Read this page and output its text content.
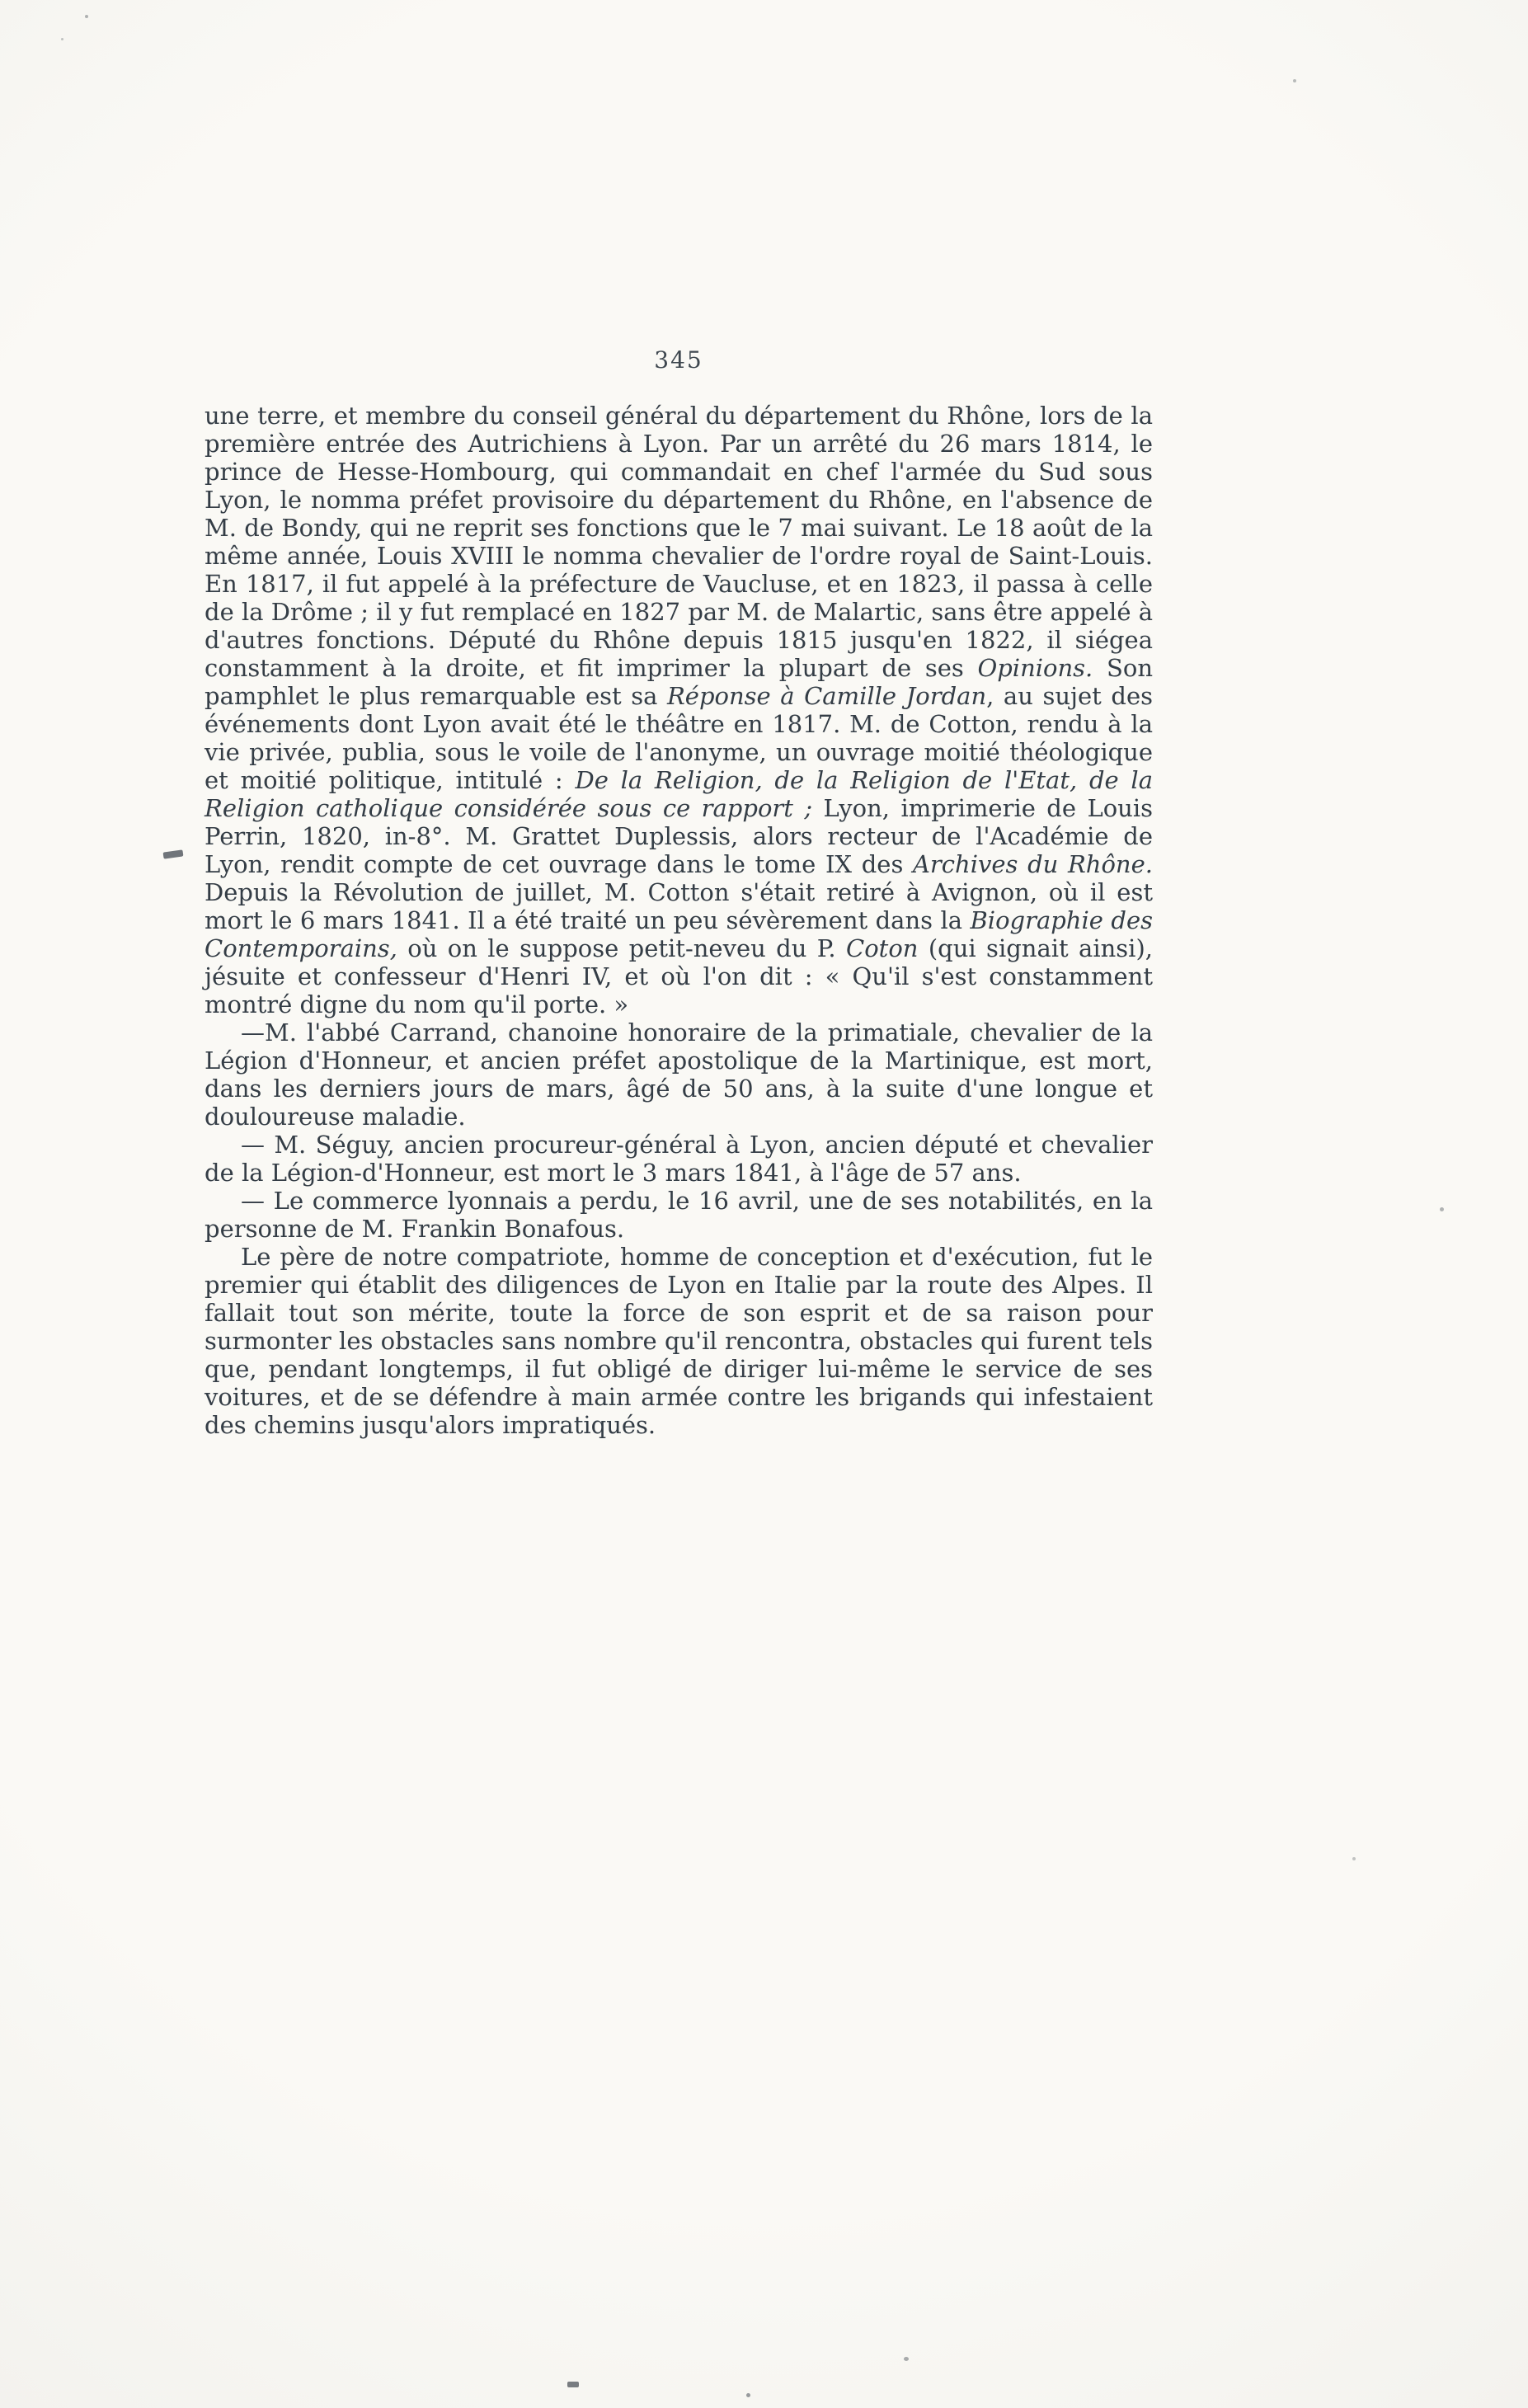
345

une terre, et membre du conseil général du département du Rhône, lors de la première entrée des Autrichiens à Lyon. Par un arrêté du 26 mars 1814, le prince de Hesse-Hombourg, qui commandait en chef l'armée du Sud sous Lyon, le nomma préfet provisoire du département du Rhône, en l'absence de M. de Bondy, qui ne reprit ses fonctions que le 7 mai suivant. Le 18 août de la même année, Louis XVIII le nomma chevalier de l'ordre royal de Saint-Louis. En 1817, il fut appelé à la préfecture de Vaucluse, et en 1823, il passa à celle de la Drôme ; il y fut remplacé en 1827 par M. de Malartic, sans être appelé à d'autres fonctions. Député du Rhône depuis 1815 jusqu'en 1822, il siégea constamment à la droite, et fit imprimer la plupart de ses Opinions. Son pamphlet le plus remarquable est sa Réponse à Camille Jordan, au sujet des événements dont Lyon avait été le théâtre en 1817. M. de Cotton, rendu à la vie privée, publia, sous le voile de l'anonyme, un ouvrage moitié théologique et moitié politique, intitulé : De la Religion, de la Religion de l'Etat, de la Religion catholique considérée sous ce rapport ; Lyon, imprimerie de Louis Perrin, 1820, in-8°. M. Grattet Duplessis, alors recteur de l'Académie de Lyon, rendit compte de cet ouvrage dans le tome IX des Archives du Rhône. Depuis la Révolution de juillet, M. Cotton s'était retiré à Avignon, où il est mort le 6 mars 1841. Il a été traité un peu sévèrement dans la Biographie des Contemporains, où on le suppose petit-neveu du P. Coton (qui signait ainsi), jésuite et confesseur d'Henri IV, et où l'on dit : « Qu'il s'est constamment montré digne du nom qu'il porte. »

—M. l'abbé Carrand, chanoine honoraire de la primatiale, chevalier de la Légion d'Honneur, et ancien préfet apostolique de la Martinique, est mort, dans les derniers jours de mars, âgé de 50 ans, à la suite d'une longue et douloureuse maladie.

— M. Séguy, ancien procureur-général à Lyon, ancien député et chevalier de la Légion-d'Honneur, est mort le 3 mars 1841, à l'âge de 57 ans.

— Le commerce lyonnais a perdu, le 16 avril, une de ses notabilités, en la personne de M. Frankin Bonafous.

Le père de notre compatriote, homme de conception et d'exécution, fut le premier qui établit des diligences de Lyon en Italie par la route des Alpes. Il fallait tout son mérite, toute la force de son esprit et de sa raison pour surmonter les obstacles sans nombre qu'il rencontra, obstacles qui furent tels que, pendant longtemps, il fut obligé de diriger lui-même le service de ses voitures, et de se défendre à main armée contre les brigands qui infestaient des chemins jusqu'alors impratiqués.
